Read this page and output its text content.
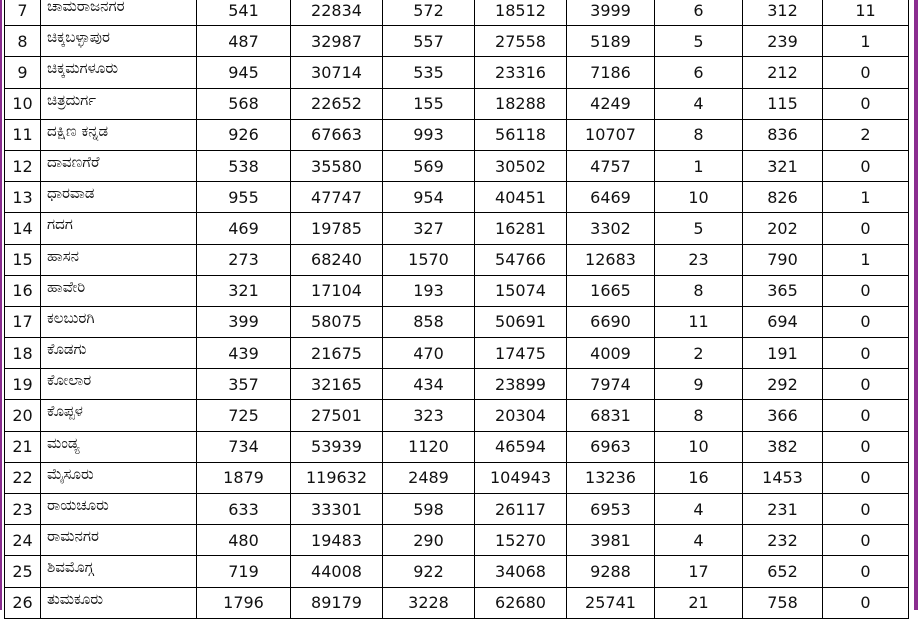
7	ಚಾಮರಾಜನಗರ	541	22834	572	18512	3999	6	312	11
8	ಚಿಕ್ಕಬಳ್ಳಾಪುರ	487	32987	557	27558	5189	5	239	1
9	ಚಿಕ್ಕಮಗಳೂರು	945	30714	535	23316	7186	6	212	0
10	ಚಿತ್ರದುರ್ಗ	568	22652	155	18288	4249	4	115	0
11	ದಕ್ಷಿಣ ಕನ್ನಡ	926	67663	993	56118	10707	8	836	2
12	ದಾವಣಗೆರೆ	538	35580	569	30502	4757	1	321	0
13	ಧಾರವಾಡ	955	47747	954	40451	6469	10	826	1
14	ಗದಗ	469	19785	327	16281	3302	5	202	0
15	ಹಾಸನ	273	68240	1570	54766	12683	23	790	1
16	ಹಾವೇರಿ	321	17104	193	15074	1665	8	365	0
17	ಕಲಬುರಗಿ	399	58075	858	50691	6690	11	694	0
18	ಕೊಡಗು	439	21675	470	17475	4009	2	191	0
19	ಕೋಲಾರ	357	32165	434	23899	7974	9	292	0
20	ಕೊಪ್ಪಳ	725	27501	323	20304	6831	8	366	0
21	ಮಂಡ್ಯ	734	53939	1120	46594	6963	10	382	0
22	ಮೈಸೂರು	1879	119632	2489	104943	13236	16	1453	0
23	ರಾಯಚೂರು	633	33301	598	26117	6953	4	231	0
24	ರಾಮನಗರ	480	19483	290	15270	3981	4	232	0
25	ಶಿವಮೊಗ್ಗ	719	44008	922	34068	9288	17	652	0
26	ತುಮಕೂರು	1796	89179	3228	62680	25741	21	758	0
